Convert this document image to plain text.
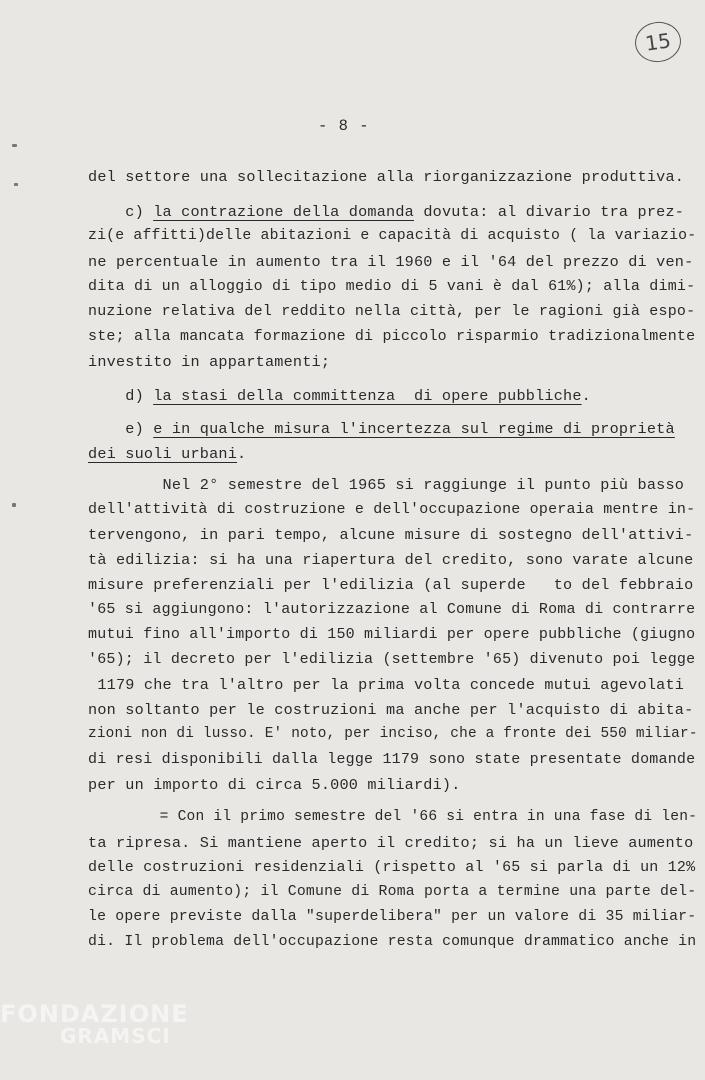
15
- 8 -
del settore una sollecitazione alla riorganizzazione produttiva.
c) la contrazione della domanda dovuta: al divario tra prez-
zi(e affitti)delle abitazioni e capacità di acquisto ( la variazio-
ne percentuale in aumento tra il 1960 e il '64 del prezzo di ven-
dita di un alloggio di tipo medio di 5 vani è dal 61%); alla dimi-
nuzione relativa del reddito nella città, per le ragioni già espo-
ste; alla mancata formazione di piccolo risparmio tradizionalmente
investito in appartamenti;
d) la stasi della committenza  di opere pubbliche.
e) e in qualche misura l'incertezza sul regime di proprietà
dei suoli urbani.
Nel 2° semestre del 1965 si raggiunge il punto più basso
dell'attività di costruzione e dell'occupazione operaia mentre in-
tervengono, in pari tempo, alcune misure di sostegno dell'attivi-
tà edilizia: si ha una riapertura del credito, sono varate alcune
misure preferenziali per l'edilizia (al superde   to del febbraio
'65 si aggiungono: l'autorizzazione al Comune di Roma di contrarre
mutui fino all'importo di 150 miliardi per opere pubbliche (giugno
'65); il decreto per l'edilizia (settembre '65) divenuto poi legge
1179 che tra l'altro per la prima volta concede mutui agevolati
non soltanto per le costruzioni ma anche per l'acquisto di abita-
zioni non di lusso. E' noto, per inciso, che a fronte dei 550 miliar-
di resi disponibili dalla legge 1179 sono state presentate domande
per un importo di circa 5.000 miliardi).
= Con il primo semestre del '66 si entra in una fase di len-
ta ripresa. Si mantiene aperto il credito; si ha un lieve aumento
delle costruzioni residenziali (rispetto al '65 si parla di un 12%
circa di aumento); il Comune di Roma porta a termine una parte del-
le opere previste dalla "superdelibera" per un valore di 35 miliar-
di. Il problema dell'occupazione resta comunque drammatico anche in
FONDAZIONE
GRAMSCI
